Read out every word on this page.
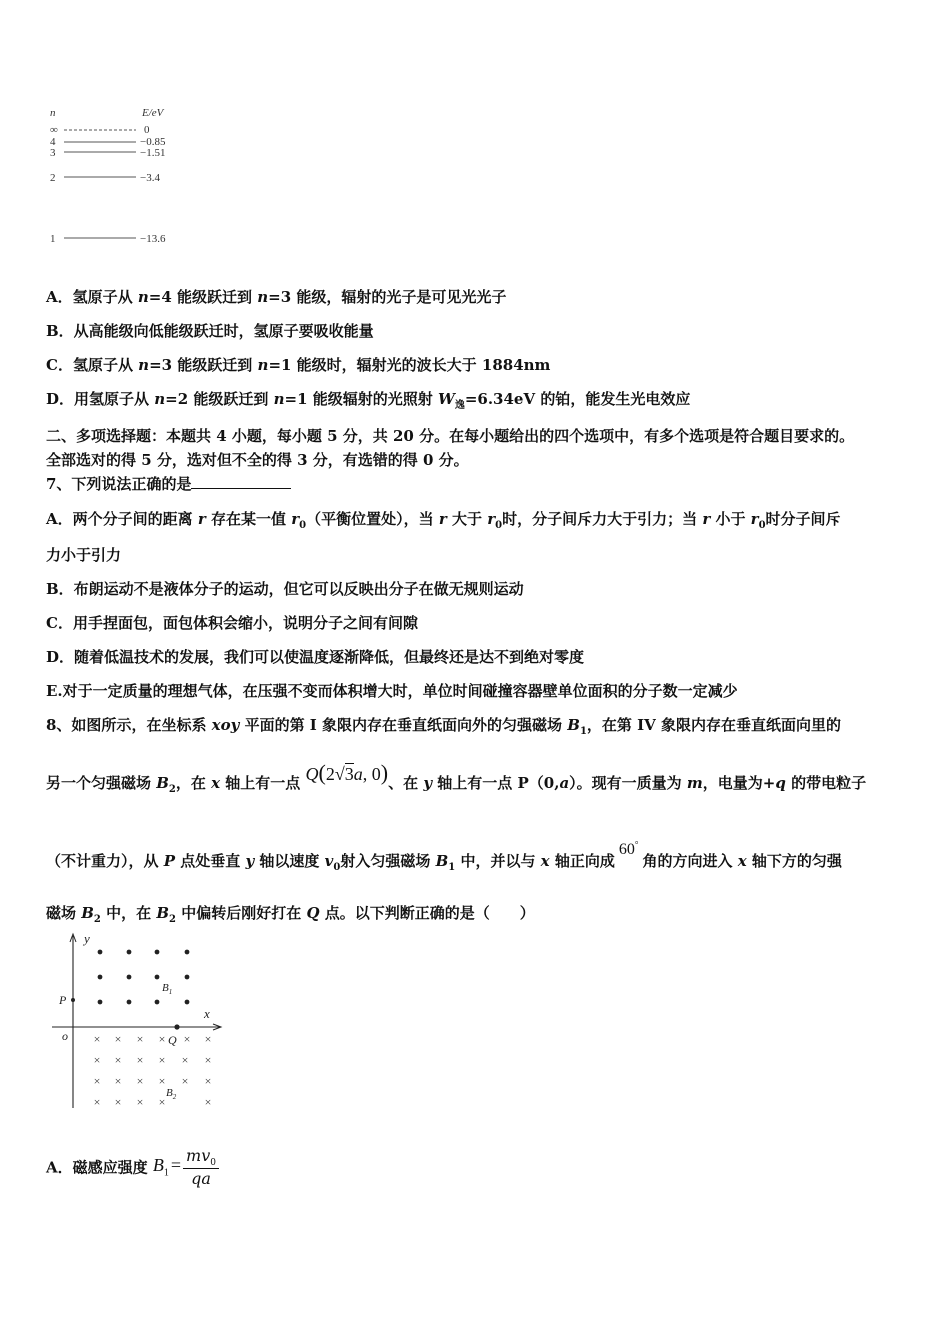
n	E/eV
∞	0
4	−0.85
3	−1.51
2	−3.4
1	−13.6
A．氢原子从 n=4 能级跃迁到 n=3 能级，辐射的光子是可见光光子
B．从高能级向低能级跃迁时，氢原子要吸收能量
C．氢原子从 n=3 能级跃迁到 n=1 能级时，辐射光的波长大于 1884nm
D．用氢原子从 n=2 能级跃迁到 n=1 能级辐射的光照射 $W_逸=6.34eV$ 的铂，能发生光电效应
二、多项选择题：本题共 4 小题，每小题 5 分，共 20 分。在每小题给出的四个选项中，有多个选项是符合题目要求的。
全部选对的得 5 分，选对但不全的得 3 分，有选错的得 0 分。
7、下列说法正确的是
A．两个分子间的距离 r 存在某一值 $r_0$（平衡位置处），当 r 大于 $r_0$时，分子间斥力大于引力；当 r 小于 $r_0$时分子间斥
力小于引力
B．布朗运动不是液体分子的运动，但它可以反映出分子在做无规则运动
C．用手捏面包，面包体积会缩小，说明分子之间有间隙
D．随着低温技术的发展，我们可以使温度逐渐降低，但最终还是达不到绝对零度
E.对于一定质量的理想气体，在压强不变而体积增大时，单位时间碰撞容器壁单位面积的分子数一定减少
8、如图所示，在坐标系 xoy 平面的第 I 象限内存在垂直纸面向外的匀强磁场 $B_1$，在第 IV 象限内存在垂直纸面向里的
另一个匀强磁场 $B_2$，在 x 轴上有一点 Q(2√3a, 0)、在 y 轴上有一点 P（0,a）。现有一质量为 m，电量为+q 的带电粒子
（不计重力），从 P 点处垂直 y 轴以速度 $v_0$射入匀强磁场 $B_1$ 中，并以与 x 轴正向成60°角的方向进入 x 轴下方的匀强
磁场 $B_2$ 中，在 $B_2$ 中偏转后刚好打在 Q 点。以下判断正确的是（　　）
y
x
o
P
$B_1$
× × × × × ×
× × × × × ×
× × × × × ×
× × × ×	×
Q
$B_2$
A．磁感应强度 $B_1 = \frac{mv_0}{qa}$
